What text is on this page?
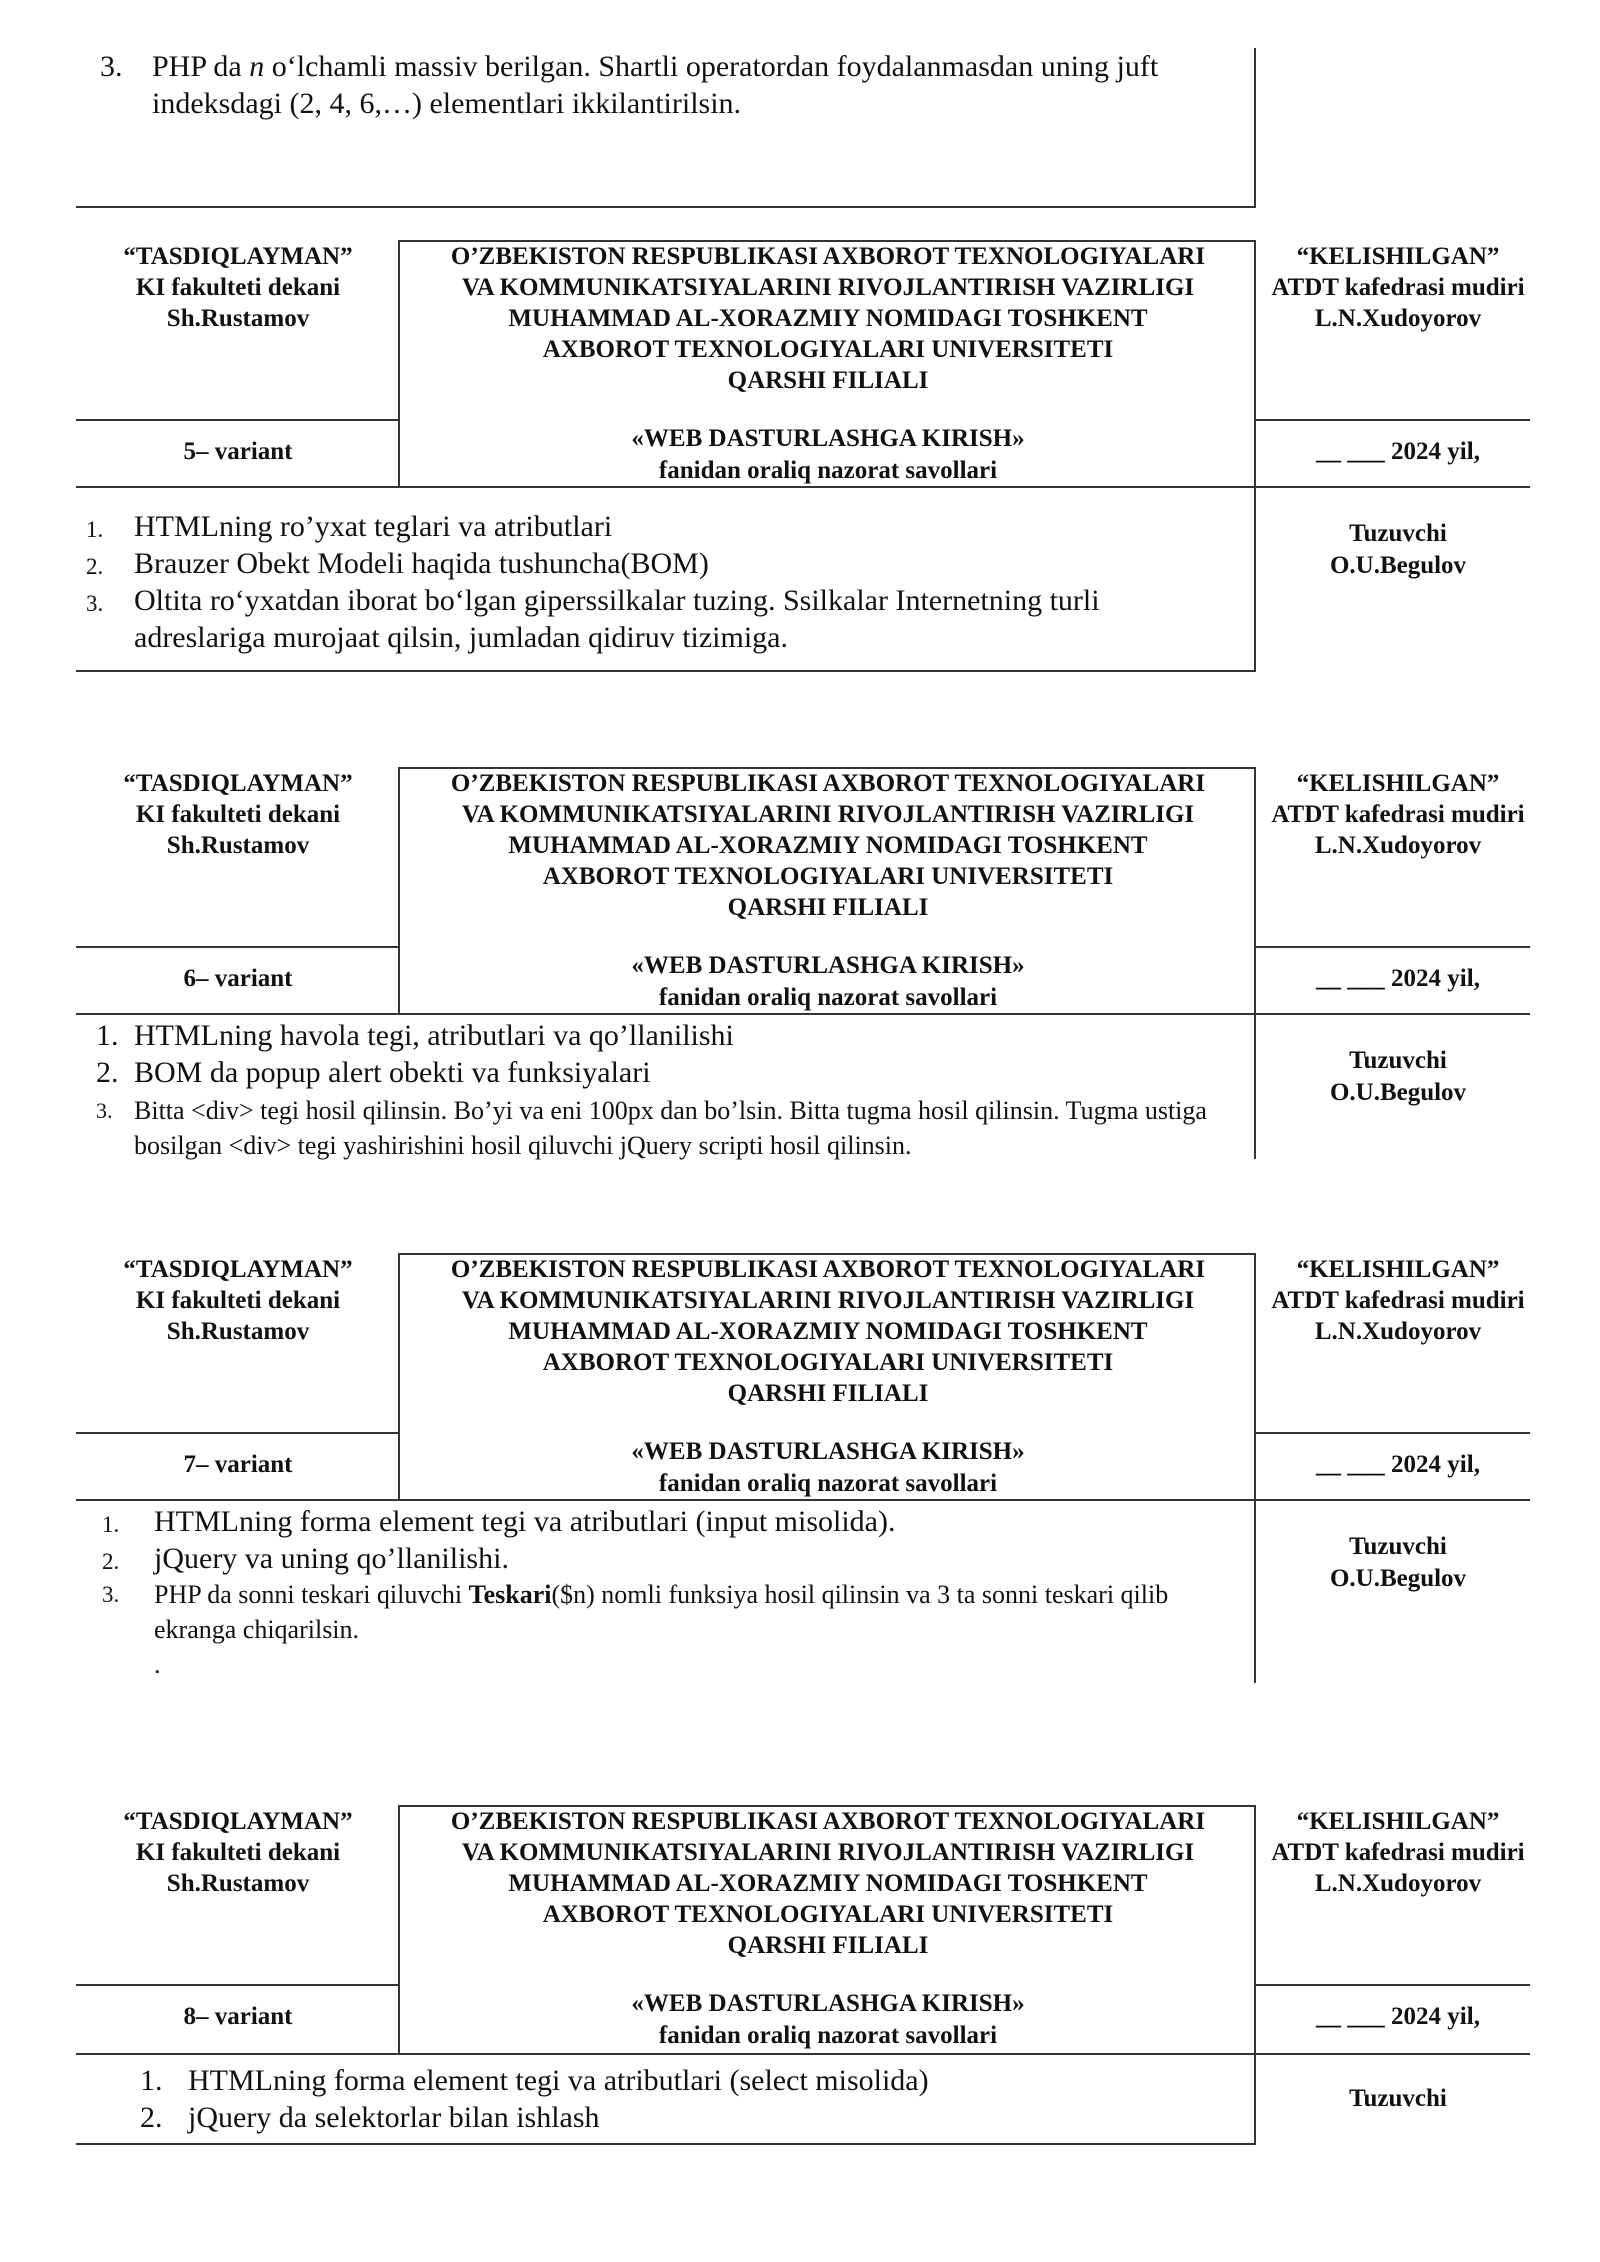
3. PHP da n o‘lchamli massiv berilgan. Shartli operatordan foydalanmasdan uning juft indeksdagi (2, 4, 6,…) elementlari ikkilantirilsin.
“TASDIQLAYMAN”
KI fakulteti dekani
Sh.Rustamov
O’ZBEKISTON RESPUBLIKASI AXBOROT TEXNOLOGIYALARI
VA KOMMUNIKATSIYALARINI RIVOJLANTIRISH VAZIRLIGI
MUHAMMAD AL-XORAZMIY NOMIDAGI TOSHKENT
AXBOROT TEXNOLOGIYALARI UNIVERSITETI
QARSHI FILIALI
“KELISHILGAN”
ATDT kafedrasi mudiri
L.N.Xudoyorov
5– variant	«WEB DASTURLASHGA KIRISH»
fanidan oraliq nazorat savollari
__ ___ 2024 yil,
Tuzuvchi
O.U.Begulov
1.	HTMLning ro’yxat teglari va atributlari
2.	Brauzer Obekt Modeli haqida tushuncha(BOM)
3.	Oltita ro‘yxatdan iborat bo‘lgan giperssilkalar tuzing. Ssilkalar Internetning turli adreslariga murojaat qilsin, jumladan qidiruv tizimiga.
“TASDIQLAYMAN”
KI fakulteti dekani
Sh.Rustamov
O’ZBEKISTON RESPUBLIKASI AXBOROT TEXNOLOGIYALARI
VA KOMMUNIKATSIYALARINI RIVOJLANTIRISH VAZIRLIGI
MUHAMMAD AL-XORAZMIY NOMIDAGI TOSHKENT
AXBOROT TEXNOLOGIYALARI UNIVERSITETI
QARSHI FILIALI
“KELISHILGAN”
ATDT kafedrasi mudiri
L.N.Xudoyorov
6– variant	«WEB DASTURLASHGA KIRISH»
fanidan oraliq nazorat savollari
__ ___ 2024 yil,
Tuzuvchi
O.U.Begulov
1. HTMLning havola tegi, atributlari va qo’llanilishi
2. BOM da popup alert obekti va funksiyalari
3. Bitta <div> tegi hosil qilinsin. Bo’yi va eni 100px dan bo’lsin. Bitta tugma hosil qilinsin. Tugma ustiga bosilgan <div> tegi yashirishini hosil qiluvchi jQuery scripti hosil qilinsin.
“TASDIQLAYMAN”
KI fakulteti dekani
Sh.Rustamov
O’ZBEKISTON RESPUBLIKASI AXBOROT TEXNOLOGIYALARI
VA KOMMUNIKATSIYALARINI RIVOJLANTIRISH VAZIRLIGI
MUHAMMAD AL-XORAZMIY NOMIDAGI TOSHKENT
AXBOROT TEXNOLOGIYALARI UNIVERSITETI
QARSHI FILIALI
“KELISHILGAN”
ATDT kafedrasi mudiri
L.N.Xudoyorov
7– variant	«WEB DASTURLASHGA KIRISH»
fanidan oraliq nazorat savollari
__ ___ 2024 yil,
Tuzuvchi
O.U.Begulov
1.	HTMLning forma element tegi va atributlari (input misolida).
2.	jQuery va uning qo’llanilishi.
3.	PHP da sonni teskari qiluvchi Teskari($n) nomli funksiya hosil qilinsin va 3 ta sonni teskari qilib ekranga chiqarilsin.
.
“TASDIQLAYMAN”
KI fakulteti dekani
Sh.Rustamov
O’ZBEKISTON RESPUBLIKASI AXBOROT TEXNOLOGIYALARI
VA KOMMUNIKATSIYALARINI RIVOJLANTIRISH VAZIRLIGI
MUHAMMAD AL-XORAZMIY NOMIDAGI TOSHKENT
AXBOROT TEXNOLOGIYALARI UNIVERSITETI
QARSHI FILIALI
“KELISHILGAN”
ATDT kafedrasi mudiri
L.N.Xudoyorov
8– variant	«WEB DASTURLASHGA KIRISH»
fanidan oraliq nazorat savollari
__ ___ 2024 yil,
Tuzuvchi
1. HTMLning forma element tegi va atributlari (select misolida)
2. jQuery da selektorlar bilan ishlash
